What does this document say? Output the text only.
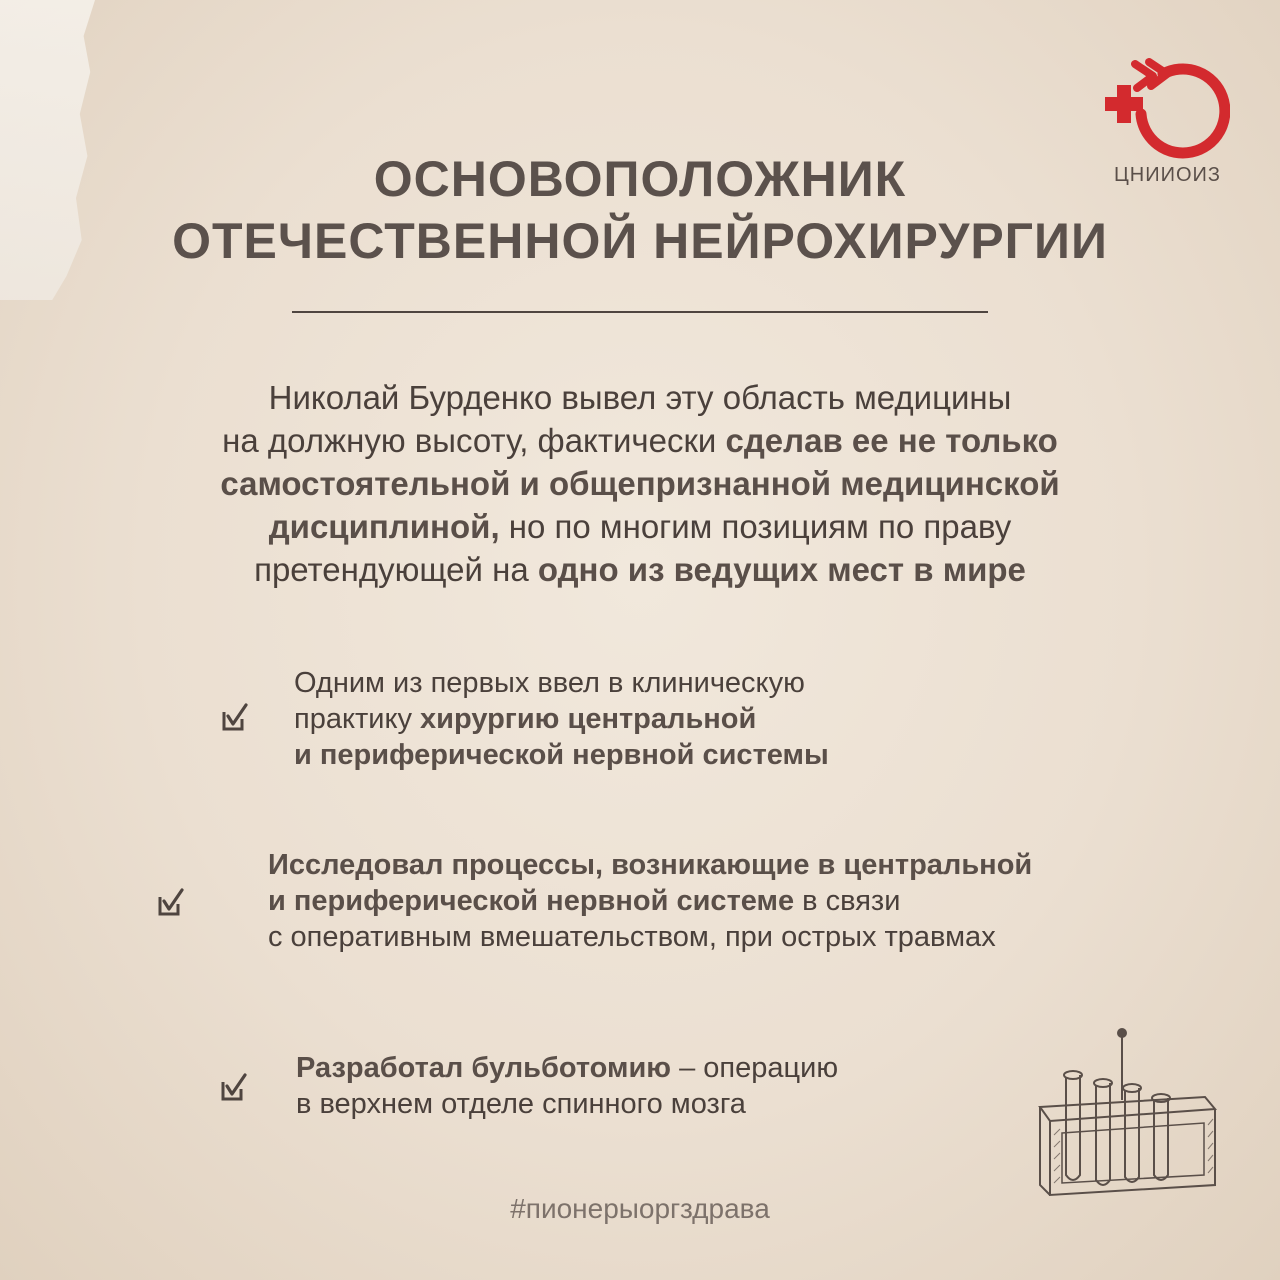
ЦНИИОИЗ
ОСНОВОПОЛОЖНИК
ОТЕЧЕСТВЕННОЙ НЕЙРОХИРУРГИИ
Николай Бурденко вывел эту область медицины
на должную высоту, фактически сделав ее не только
самостоятельной и общепризнанной медицинской
дисциплиной, но по многим позициям по праву
претендующей на одно из ведущих мест в мире
Одним из первых ввел в клиническую
практику хирургию центральной
и периферической нервной системы
Исследовал процессы, возникающие в центральной
и периферической нервной системе в связи
с оперативным вмешательством, при острых травмах
Разработал бульботомию – операцию
в верхнем отделе спинного мозга
#пионерыоргздрава
